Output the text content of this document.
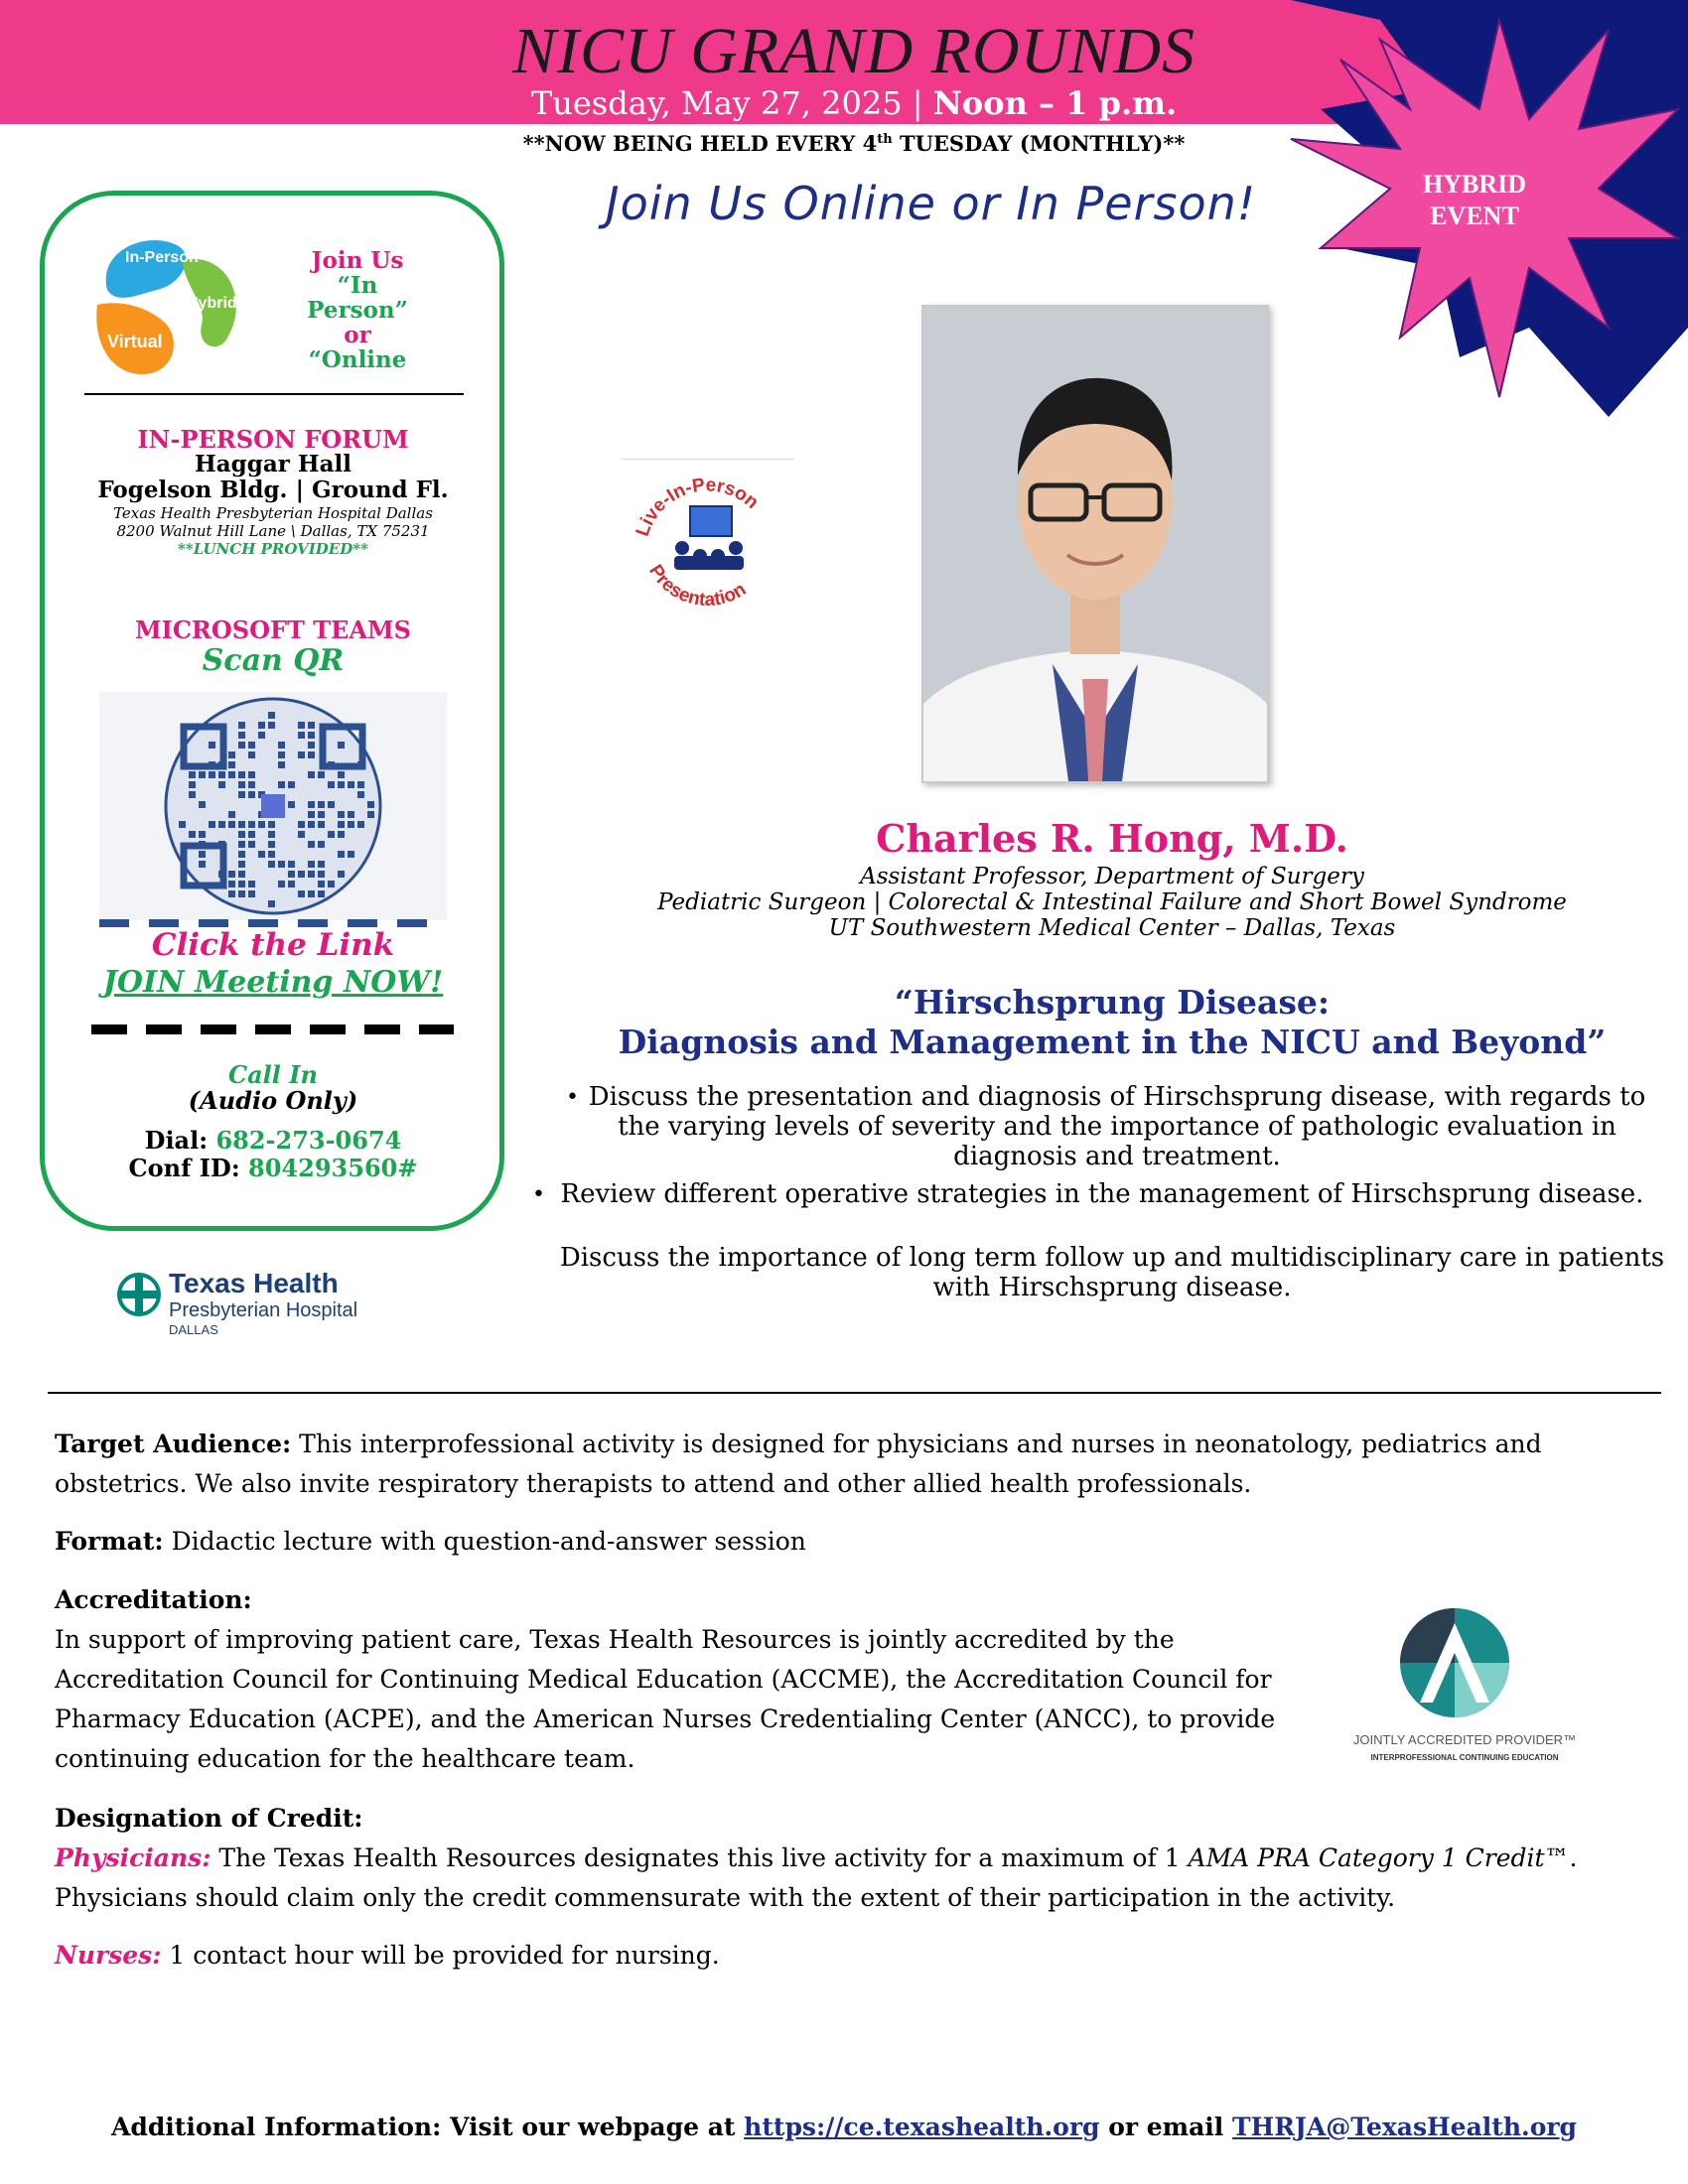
NICU GRAND ROUNDS
Tuesday, May 27, 2025 | Noon – 1 p.m.
**NOW BEING HELD EVERY 4th TUESDAY (MONTHLY)**
Join Us Online or In Person!	HYBRID
EVENT
In-Person
Hybrid
Virtual
Join Us
“In
Person”
or
“Online
IN-PERSON FORUM
Haggar Hall
Fogelson Bldg. | Ground Fl.
Texas Health Presbyterian Hospital Dallas
8200 Walnut Hill Lane \ Dallas, TX 75231
**LUNCH PROVIDED**
MICROSOFT TEAMS
Scan QR
Click the Link
JOIN Meeting NOW!
Call In
(Audio Only)
Dial: 682-273-0674
Conf ID: 804293560#
Texas Health
Presbyterian Hospital
DALLAS
Live-In-Person
Presentation
Charles R. Hong, M.D.
Assistant Professor, Department of Surgery
Pediatric Surgeon | Colorectal & Intestinal Failure and Short Bowel Syndrome
UT Southwestern Medical Center – Dallas, Texas
“Hirschsprung Disease:
Diagnosis and Management in the NICU and Beyond”
• Discuss the presentation and diagnosis of Hirschsprung disease, with regards to the varying levels of severity and the importance of pathologic evaluation in diagnosis and treatment.
• Review different operative strategies in the management of Hirschsprung disease.
Discuss the importance of long term follow up and multidisciplinary care in patients with Hirschsprung disease.
Target Audience: This interprofessional activity is designed for physicians and nurses in neonatology, pediatrics and obstetrics. We also invite respiratory therapists to attend and other allied health professionals.
Format: Didactic lecture with question-and-answer session
Accreditation:
In support of improving patient care, Texas Health Resources is jointly accredited by the Accreditation Council for Continuing Medical Education (ACCME), the Accreditation Council for Pharmacy Education (ACPE), and the American Nurses Credentialing Center (ANCC), to provide continuing education for the healthcare team.
JOINTLY ACCREDITED PROVIDER™
INTERPROFESSIONAL CONTINUING EDUCATION
Designation of Credit:
Physicians: The Texas Health Resources designates this live activity for a maximum of 1 AMA PRA Category 1 Credit™. Physicians should claim only the credit commensurate with the extent of their participation in the activity.
Nurses: 1 contact hour will be provided for nursing.
Additional Information: Visit our webpage at https://ce.texashealth.org or email THRJA@TexasHealth.org
